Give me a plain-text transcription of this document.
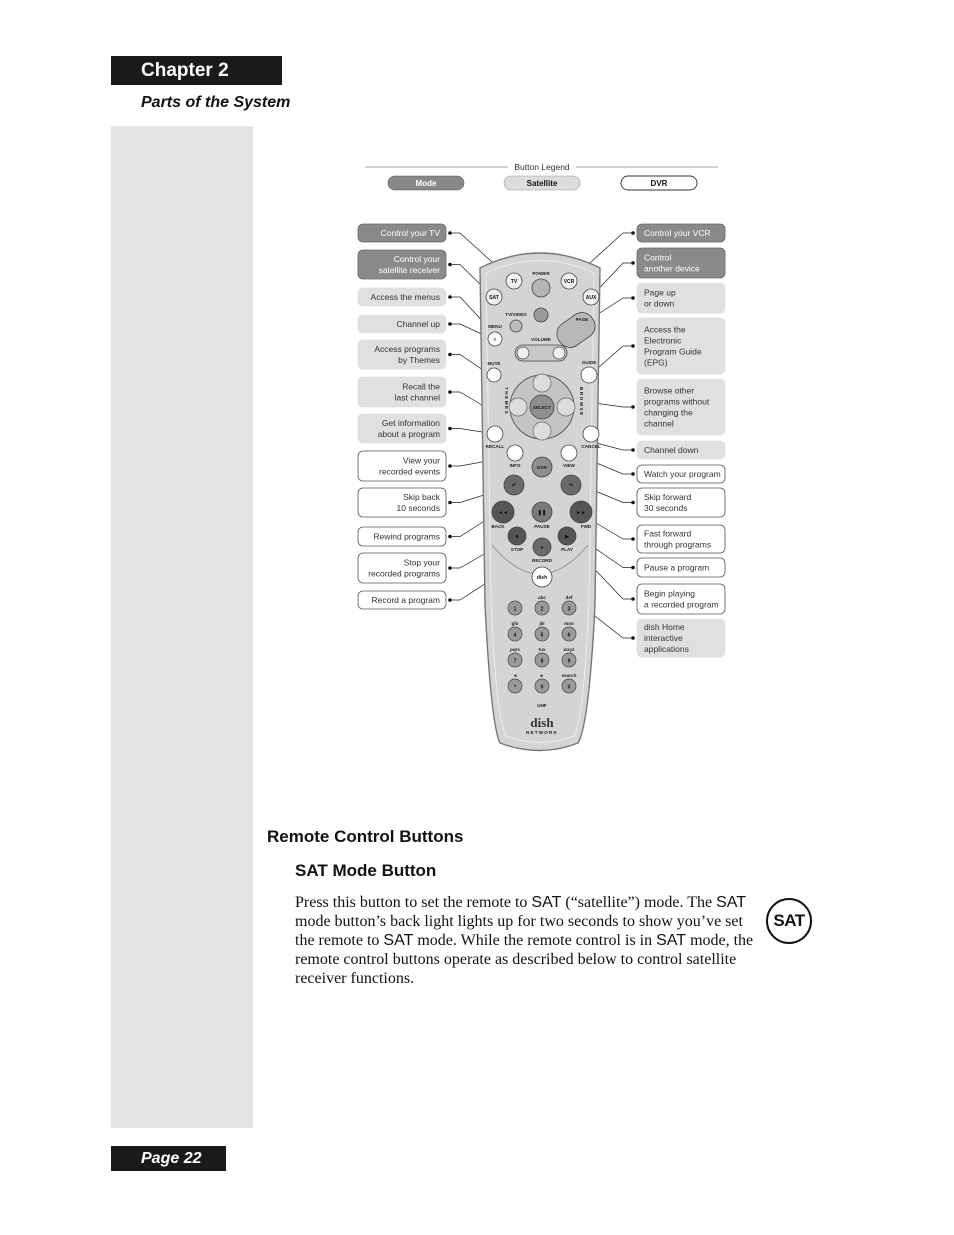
Chapter 2
Parts of the System
Button Legend
Mode	Satellite	DVR
Control your TV
Control your
satellite receiver
Access the menus
Channel up
Access programs
by Themes
Recall the
last channel
Get information
about a program
View your
recorded events
Skip back
10 seconds
Rewind programs
Stop your
recorded programs
Record a program
Control your VCR
Control
another device
Page up
or down
Access the
Electronic
Program Guide
(EPG)
Browse other
programs without
changing the
channel
Channel down
Watch your program
Skip forward
30 seconds
Fast forward
through programs
Pause a program
Begin playing
a recorded program
dish Home
interactive
applications
TV
SAT
POWER
VCR
AUX
TV/VIDEO
≡
MENU
PAGE
VOLUME
MUTE	GUIDE
SELECT
THEMES	BROWSE
RECALL	CANCEL
INFO	DVR	VIEW
↶	↷
◄◄	❚❚	►►
BACK	PAUSE	FWD
■
●
▶
STOP
RECORD
PLAY
dish
1	2
abc
3
def
4
ghi
5
jkl
6
mno
7
pqrs
8
tuv
9
wxyz
*
◄
0
►
#
search
UHF
dish
NETWORK
Remote Control Buttons
SAT Mode Button
Press this button to set the remote to SAT (“satellite”) mode. The SAT mode button’s back light lights up for two seconds to show you’ve set the remote to SAT mode. While the remote control is in SAT mode, the remote control buttons operate as described below to control satellite receiver functions.
SAT
Page 22
